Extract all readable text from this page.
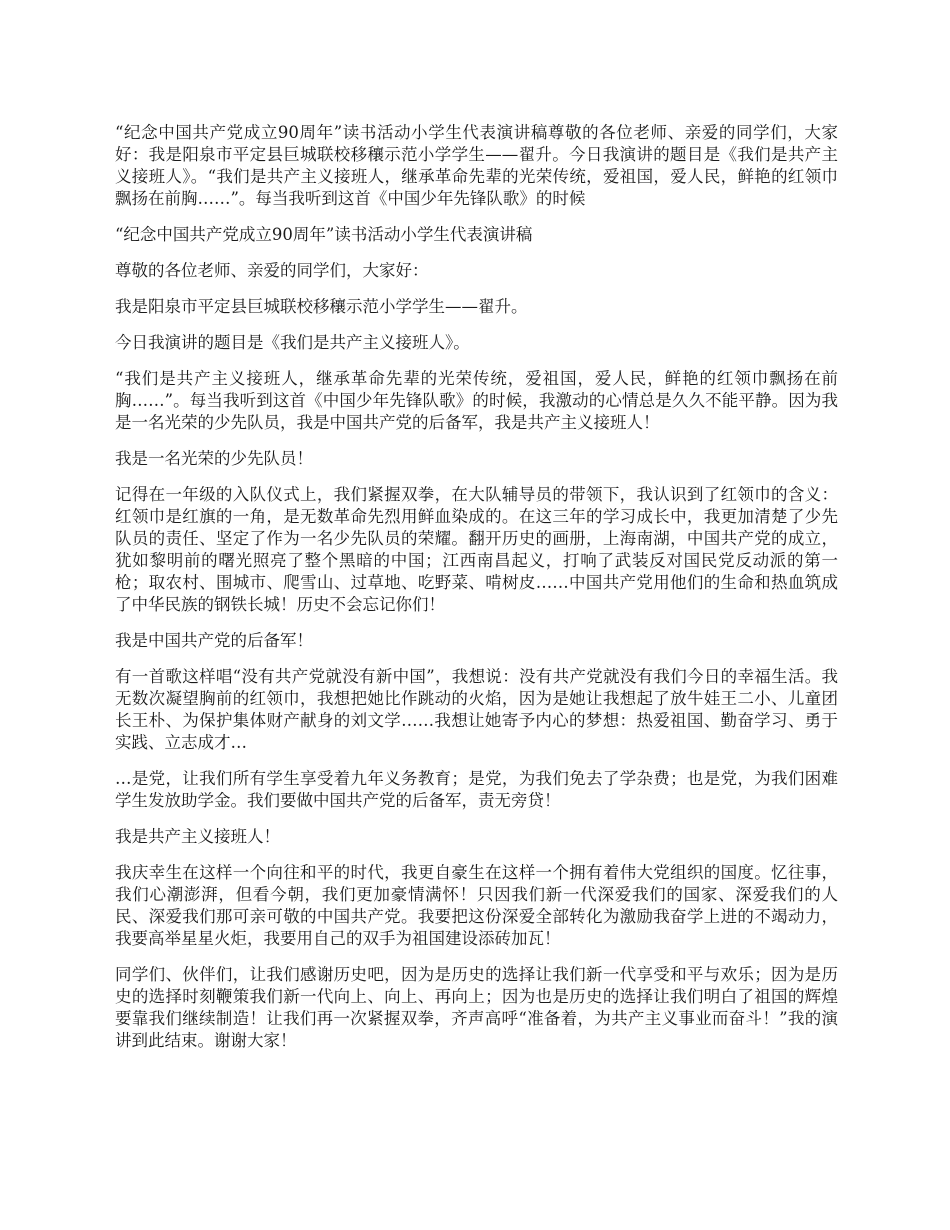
“纪念中国共产党成立90周年”读书活动小学生代表演讲稿尊敬的各位老师、亲爱的同学们，大家好：我是阳泉市平定县巨城联校移穰示范小学学生——翟升。今日我演讲的题目是《我们是共产主义接班人》。“我们是共产主义接班人，继承革命先辈的光荣传统，爱祖国，爱人民，鲜艳的红领巾飘扬在前胸……”。每当我听到这首《中国少年先锋队歌》的时候

“纪念中国共产党成立90周年”读书活动小学生代表演讲稿

尊敬的各位老师、亲爱的同学们，大家好：

我是阳泉市平定县巨城联校移穰示范小学学生——翟升。

今日我演讲的题目是《我们是共产主义接班人》。

“我们是共产主义接班人，继承革命先辈的光荣传统，爱祖国，爱人民，鲜艳的红领巾飘扬在前胸……”。每当我听到这首《中国少年先锋队歌》的时候，我激动的心情总是久久不能平静。因为我是一名光荣的少先队员，我是中国共产党的后备军，我是共产主义接班人！

我是一名光荣的少先队员！

记得在一年级的入队仪式上，我们紧握双拳，在大队辅导员的带领下，我认识到了红领巾的含义：红领巾是红旗的一角，是无数革命先烈用鲜血染成的。在这三年的学习成长中，我更加清楚了少先队员的责任、坚定了作为一名少先队员的荣耀。翻开历史的画册，上海南湖，中国共产党的成立，犹如黎明前的曙光照亮了整个黑暗的中国；江西南昌起义，打响了武装反对国民党反动派的第一枪；取农村、围城市、爬雪山、过草地、吃野菜、啃树皮……中国共产党用他们的生命和热血筑成了中华民族的钢铁长城！历史不会忘记你们！

我是中国共产党的后备军！

有一首歌这样唱“没有共产党就没有新中国”，我想说：没有共产党就没有我们今日的幸福生活。我无数次凝望胸前的红领巾，我想把她比作跳动的火焰，因为是她让我想起了放牛娃王二小、儿童团长王朴、为保护集体财产献身的刘文学……我想让她寄予内心的梦想：热爱祖国、勤奋学习、勇于实践、立志成才…

…是党，让我们所有学生享受着九年义务教育；是党，为我们免去了学杂费；也是党，为我们困难学生发放助学金。我们要做中国共产党的后备军，责无旁贷！

我是共产主义接班人！

我庆幸生在这样一个向往和平的时代，我更自豪生在这样一个拥有着伟大党组织的国度。忆往事，我们心潮澎湃，但看今朝，我们更加豪情满怀！只因我们新一代深爱我们的国家、深爱我们的人民、深爱我们那可亲可敬的中国共产党。我要把这份深爱全部转化为激励我奋学上进的不竭动力，我要高举星星火炬，我要用自己的双手为祖国建设添砖加瓦！

同学们、伙伴们，让我们感谢历史吧，因为是历史的选择让我们新一代享受和平与欢乐；因为是历史的选择时刻鞭策我们新一代向上、向上、再向上；因为也是历史的选择让我们明白了祖国的辉煌要靠我们继续制造！让我们再一次紧握双拳，齐声高呼“准备着，为共产主义事业而奋斗！”我的演讲到此结束。谢谢大家！
